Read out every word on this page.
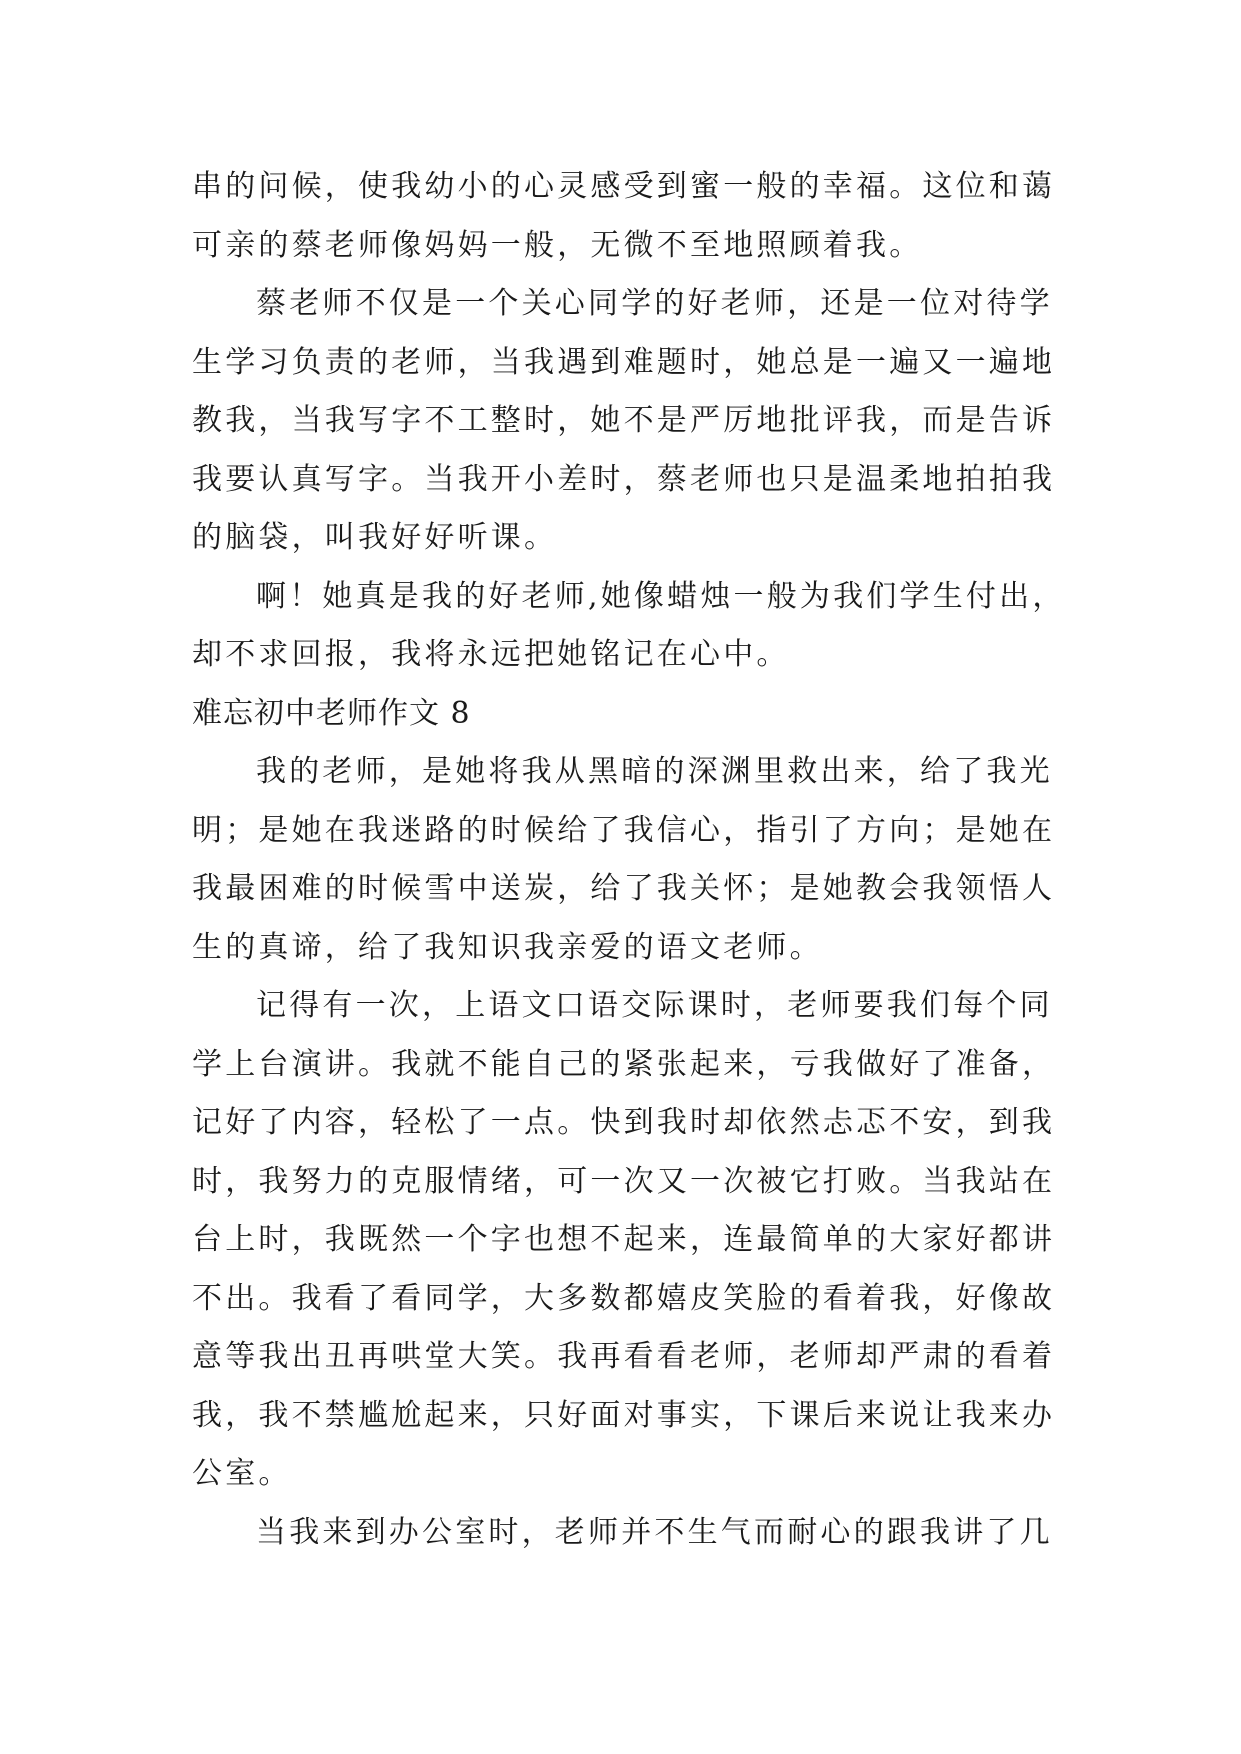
串的问候，使我幼小的心灵感受到蜜一般的幸福。这位和蔼
可亲的蔡老师像妈妈一般，无微不至地照顾着我。
蔡老师不仅是一个关心同学的好老师，还是一位对待学
生学习负责的老师，当我遇到难题时，她总是一遍又一遍地
教我，当我写字不工整时，她不是严厉地批评我，而是告诉
我要认真写字。当我开小差时，蔡老师也只是温柔地拍拍我
的脑袋，叫我好好听课。
啊！她真是我的好老师,她像蜡烛一般为我们学生付出，
却不求回报，我将永远把她铭记在心中。
难忘初中老师作文 8
我的老师，是她将我从黑暗的深渊里救出来，给了我光
明；是她在我迷路的时候给了我信心，指引了方向；是她在
我最困难的时候雪中送炭，给了我关怀；是她教会我领悟人
生的真谛，给了我知识我亲爱的语文老师。
记得有一次，上语文口语交际课时，老师要我们每个同
学上台演讲。我就不能自己的紧张起来，亏我做好了准备，
记好了内容，轻松了一点。快到我时却依然忐忑不安，到我
时，我努力的克服情绪，可一次又一次被它打败。当我站在
台上时，我既然一个字也想不起来，连最简单的大家好都讲
不出。我看了看同学，大多数都嬉皮笑脸的看着我，好像故
意等我出丑再哄堂大笑。我再看看老师，老师却严肃的看着
我，我不禁尴尬起来，只好面对事实，下课后来说让我来办
公室。
当我来到办公室时，老师并不生气而耐心的跟我讲了几
